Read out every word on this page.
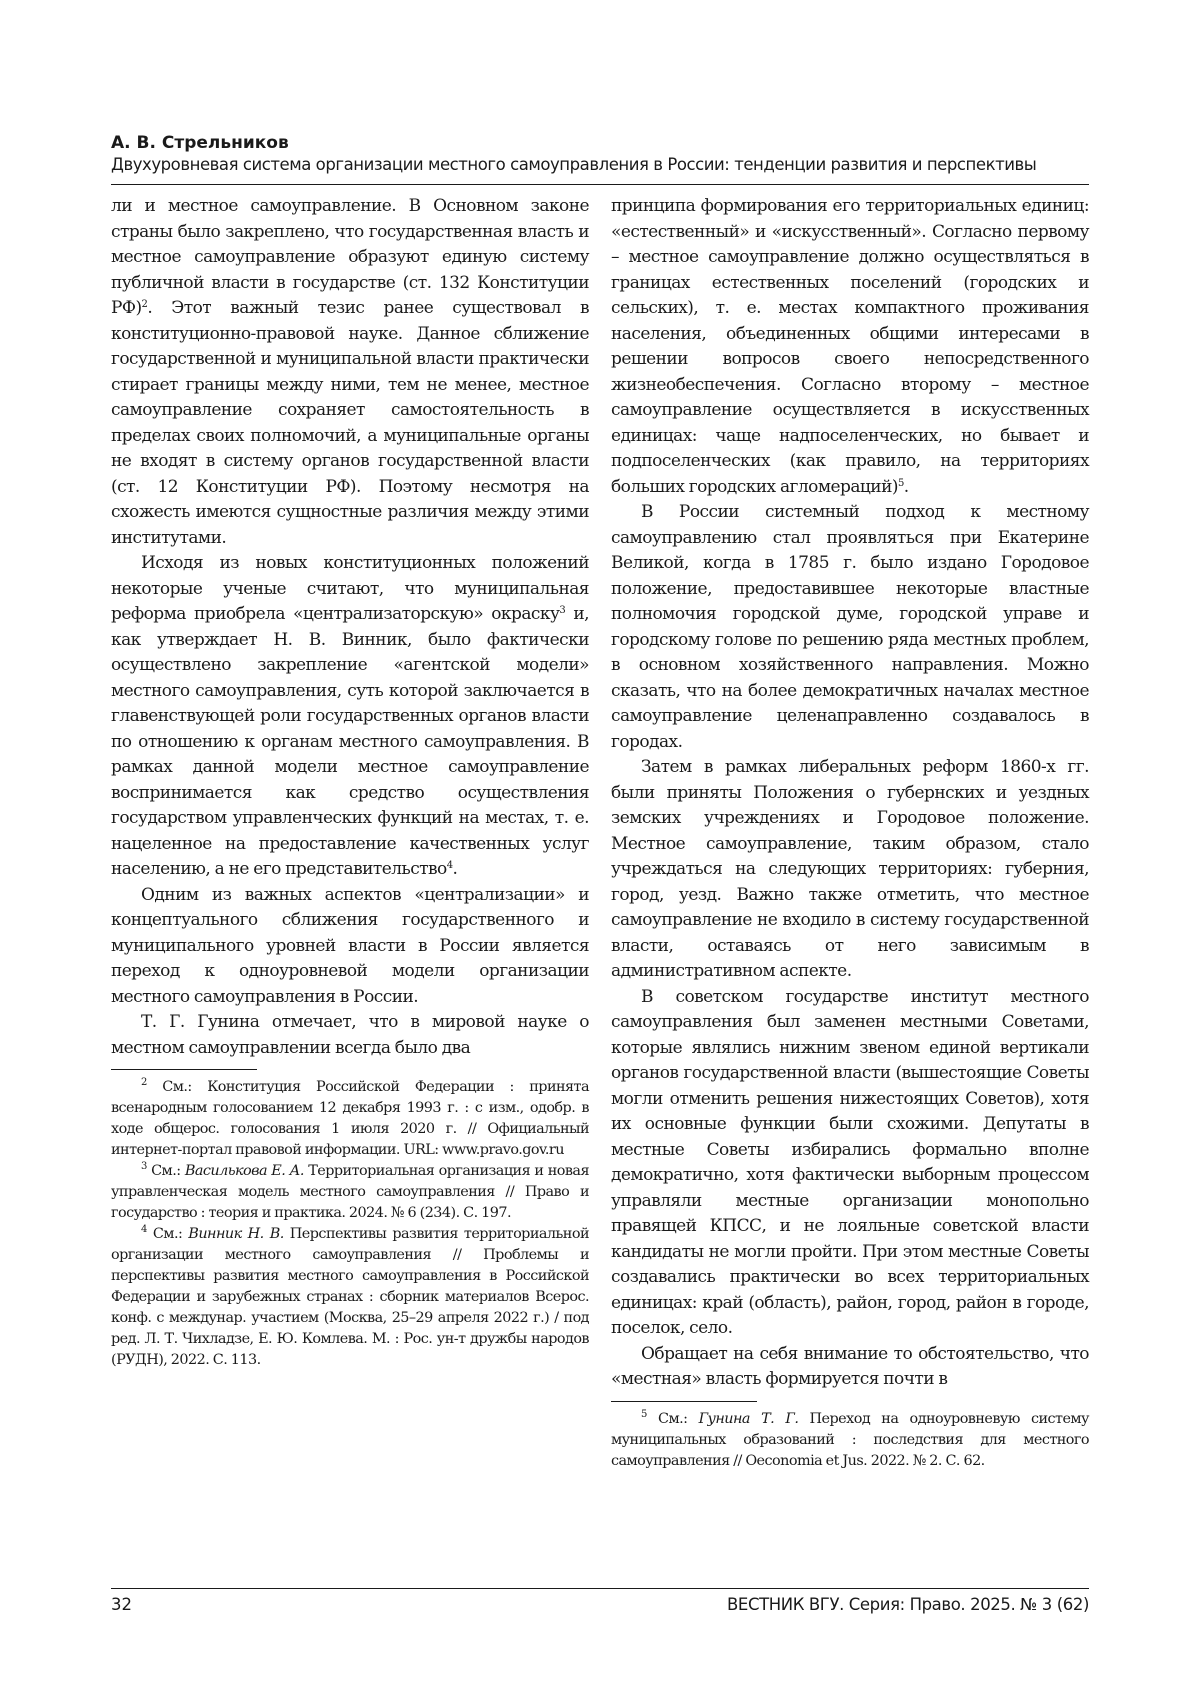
А. В. Стрельников
Двухуровневая система организации местного самоуправления в России: тенденции развития и перспективы

ли и местное самоуправление. В Основном законе страны было закреплено, что государственная власть и местное самоуправление образуют единую систему публичной власти в государстве (ст. 132 Конституции РФ)$^2$. Этот важный тезис ранее существовал в конституционно-правовой науке. Данное сближение государственной и муниципальной власти практически стирает границы между ними, тем не менее, местное самоуправление сохраняет самостоятельность в пределах своих полномочий, а муниципальные органы не входят в систему органов государственной власти (ст. 12 Конституции РФ). Поэтому несмотря на схожесть имеются сущностные различия между этими институтами.

Исходя из новых конституционных положений некоторые ученые считают, что муниципальная реформа приобрела «централизаторскую» окраску$^3$ и, как утверждает Н. В. Винник, было фактически осуществлено закрепление «агентской модели» местного самоуправления, суть которой заключается в главенствующей роли государственных органов власти по отношению к органам местного самоуправления. В рамках данной модели местное самоуправление воспринимается как средство осуществления государством управленческих функций на местах, т. е. нацеленное на предоставление качественных услуг населению, а не его представительство$^4$.

Одним из важных аспектов «централизации» и концептуального сближения государственного и муниципального уровней власти в России является переход к одноуровневой модели организации местного самоуправления в России.

Т. Г. Гунина отмечает, что в мировой науке о местном самоуправлении всегда было два

$^2$ См.: Конституция Российской Федерации : принята всенародным голосованием 12 декабря 1993 г. : с изм., одобр. в ходе общерос. голосования 1 июля 2020 г. // Официальный интернет-портал правовой информации. URL: www.pravo.gov.ru

$^3$ См.: Василькова Е. А. Территориальная организация и новая управленческая модель местного самоуправления // Право и государство : теория и практика. 2024. № 6 (234). С. 197.

$^4$ См.: Винник Н. В. Перспективы развития территориальной организации местного самоуправления // Проблемы и перспективы развития местного самоуправления в Российской Федерации и зарубежных странах : сборник материалов Всерос. конф. с междунар. участием (Москва, 25–29 апреля 2022 г.) / под ред. Л. Т. Чихладзе, Е. Ю. Комлева. М. : Рос. ун-т дружбы народов (РУДН), 2022. С. 113.

принципа формирования его территориальных единиц: «естественный» и «искусственный». Согласно первому – местное самоуправление должно осуществляться в границах естественных поселений (городских и сельских), т. е. местах компактного проживания населения, объединенных общими интересами в решении вопросов своего непосредственного жизнеобеспечения. Согласно второму – местное самоуправление осуществляется в искусственных единицах: чаще надпоселенческих, но бывает и подпоселенческих (как правило, на территориях больших городских агломераций)$^5$.

В России системный подход к местному самоуправлению стал проявляться при Екатерине Великой, когда в 1785 г. было издано Городовое положение, предоставившее некоторые властные полномочия городской думе, городской управе и городскому голове по решению ряда местных проблем, в основном хозяйственного направления. Можно сказать, что на более демократичных началах местное самоуправление целенаправленно создавалось в городах.

Затем в рамках либеральных реформ 1860-х гг. были приняты Положения о губернских и уездных земских учреждениях и Городовое положение. Местное самоуправление, таким образом, стало учреждаться на следующих территориях: губерния, город, уезд. Важно также отметить, что местное самоуправление не входило в систему государственной власти, оставаясь от него зависимым в административном аспекте.

В советском государстве институт местного самоуправления был заменен местными Советами, которые являлись нижним звеном единой вертикали органов государственной власти (вышестоящие Советы могли отменить решения нижестоящих Советов), хотя их основные функции были схожими. Депутаты в местные Советы избирались формально вполне демократично, хотя фактически выборным процессом управляли местные организации монопольно правящей КПСС, и не лояльные советской власти кандидаты не могли пройти. При этом местные Советы создавались практически во всех территориальных единицах: край (область), район, город, район в городе, поселок, село.

Обращает на себя внимание то обстоятельство, что «местная» власть формируется почти в

$^5$ См.: Гунина Т. Г. Переход на одноуровневую систему муниципальных образований : последствия для местного самоуправления // Oeconomia et Jus. 2022. № 2. С. 62.

32	ВЕСТНИК ВГУ. Серия: Право. 2025. № 3 (62)
